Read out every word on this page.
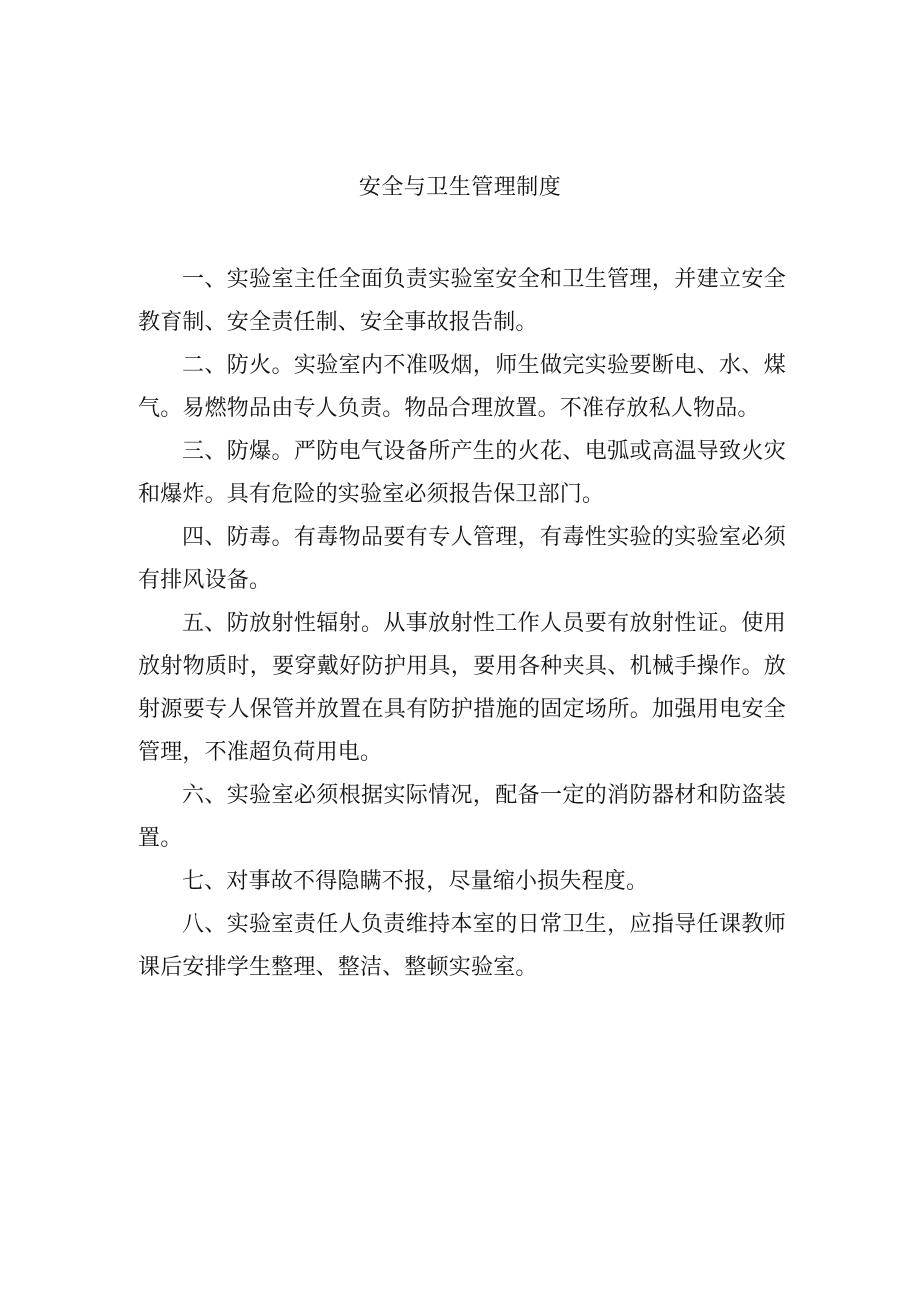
安全与卫生管理制度

一、实验室主任全面负责实验室安全和卫生管理，并建立安全教育制、安全责任制、安全事故报告制。

二、防火。实验室内不准吸烟，师生做完实验要断电、水、煤气。易燃物品由专人负责。物品合理放置。不准存放私人物品。

三、防爆。严防电气设备所产生的火花、电弧或高温导致火灾和爆炸。具有危险的实验室必须报告保卫部门。

四、防毒。有毒物品要有专人管理，有毒性实验的实验室必须有排风设备。

五、防放射性辐射。从事放射性工作人员要有放射性证。使用放射物质时，要穿戴好防护用具，要用各种夹具、机械手操作。放射源要专人保管并放置在具有防护措施的固定场所。加强用电安全管理，不准超负荷用电。

六、实验室必须根据实际情况，配备一定的消防器材和防盗装置。

七、对事故不得隐瞒不报，尽量缩小损失程度。

八、实验室责任人负责维持本室的日常卫生，应指导任课教师课后安排学生整理、整洁、整顿实验室。
